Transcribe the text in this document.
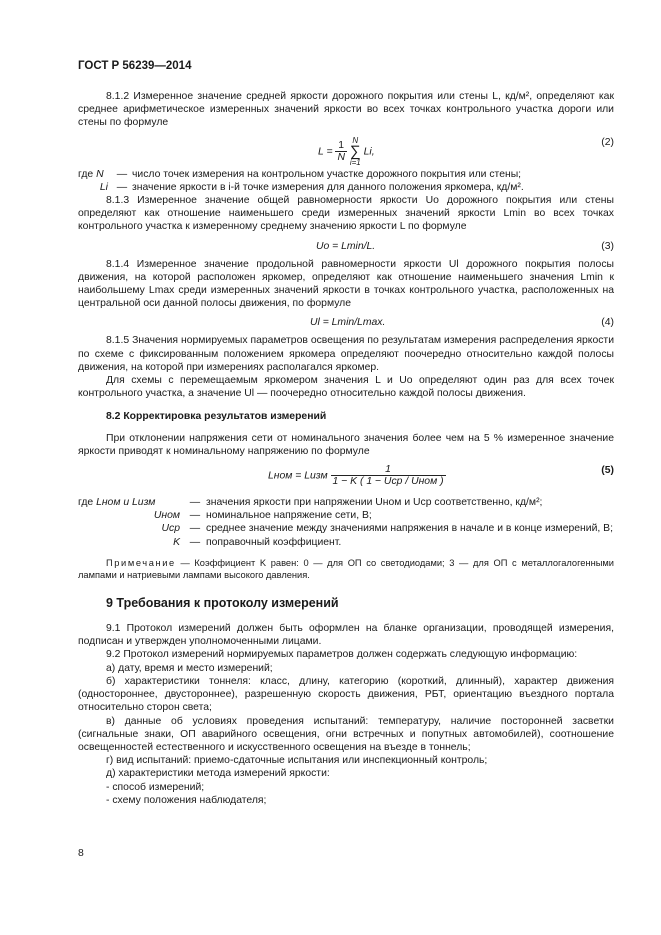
ГОСТ Р 56239—2014

8.1.2 Измеренное значение средней яркости дорожного покрытия или стены L, кд/м², определяют как среднее арифметическое измеренных значений яркости во всех точках контрольного участка дороги или стены по формуле

$L = \frac{1}{N}$
N
∑
i=1
Li,
(2)
где N	— число точек измерения на контрольном участке дорожного покрытия или стены;
Li — значение яркости в i-й точке измерения для данного положения яркомера, кд/м².

8.1.3 Измеренное значение общей равномерности яркости Uo дорожного покрытия или стены определяют как отношение наименьшего среди измеренных значений яркости Lmin во всех точках контрольного участка к измеренному среднему значению яркости L по формуле

Uo = Lmin/L.	(3)

8.1.4 Измеренное значение продольной равномерности яркости Ul дорожного покрытия полосы движения, на которой расположен яркомер, определяют как отношение наименьшего значения Lmin к наибольшему Lmax среди измеренных значений яркости в точках контрольного участка, расположенных на центральной оси данной полосы движения, по формуле

Ul = Lmin/Lmax.	(4)

8.1.5 Значения нормируемых параметров освещения по результатам измерения распределения яркости по схеме с фиксированным положением яркомера определяют поочередно относительно каждой полосы движения, на которой при измерениях располагался яркомер.

Для схемы с перемещаемым яркомером значения L и Uo определяют один раз для всех точек контрольного участка, а значение Ul — поочередно относительно каждой полосы движения.

8.2 Корректировка результатов измерений

При отклонении напряжения сети от номинального значения более чем на 5 % измеренное значение яркости приводят к номинальному напряжению по формуле

Lном = Lизм $\frac{1}{\text{1 − K ( 1 − Uср / Uном )}}$	(5)
где Lном и Lизм	— значения яркости при напряжении Uном и Uср соответственно, кд/м²;
Uном — номинальное напряжение сети, В;
Uср — среднее значение между значениями напряжения в начале и в конце измерений, В;
K — поправочный коэффициент.

Примечание — Коэффициент K равен: 0 — для ОП со светодиодами; 3 — для ОП с металлогалогенными лампами и натриевыми лампами высокого давления.

9 Требования к протоколу измерений

9.1 Протокол измерений должен быть оформлен на бланке организации, проводящей измерения, подписан и утвержден уполномоченными лицами.

9.2 Протокол измерений нормируемых параметров должен содержать следующую информацию:

а) дату, время и место измерений;

б) характеристики тоннеля: класс, длину, категорию (короткий, длинный), характер движения (одностороннее, двустороннее), разрешенную скорость движения, РБТ, ориентацию въездного портала относительно сторон света;

в) данные об условиях проведения испытаний: температуру, наличие посторонней засветки (сигнальные знаки, ОП аварийного освещения, огни встречных и попутных автомобилей), соотношение освещенностей естественного и искусственного освещения на въезде в тоннель;

г) вид испытаний: приемо-сдаточные испытания или инспекционный контроль;

д) характеристики метода измерений яркости:

- способ измерений;

- схему положения наблюдателя;

8
